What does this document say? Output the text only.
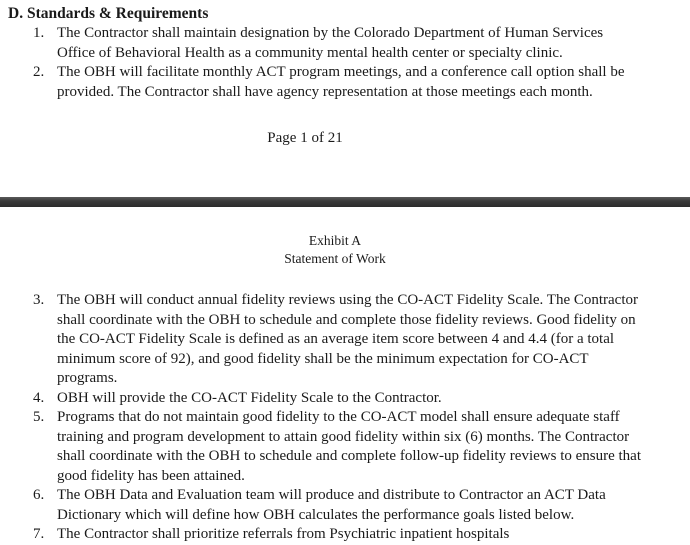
D. Standards & Requirements
1. The Contractor shall maintain designation by the Colorado Department of Human Services
Office of Behavioral Health as a community mental health center or specialty clinic.
2. The OBH will facilitate monthly ACT program meetings, and a conference call option shall be
provided. The Contractor shall have agency representation at those meetings each month.
Page 1 of 21
Exhibit A
Statement of Work
3. The OBH will conduct annual fidelity reviews using the CO-ACT Fidelity Scale. The Contractor
shall coordinate with the OBH to schedule and complete those fidelity reviews. Good fidelity on
the CO-ACT Fidelity Scale is defined as an average item score between 4 and 4.4 (for a total
minimum score of 92), and good fidelity shall be the minimum expectation for CO-ACT
programs.
4. OBH will provide the CO-ACT Fidelity Scale to the Contractor.
5. Programs that do not maintain good fidelity to the CO-ACT model shall ensure adequate staff
training and program development to attain good fidelity within six (6) months. The Contractor
shall coordinate with the OBH to schedule and complete follow-up fidelity reviews to ensure that
good fidelity has been attained.
6. The OBH Data and Evaluation team will produce and distribute to Contractor an ACT Data
Dictionary which will define how OBH calculates the performance goals listed below.
7. The Contractor shall prioritize referrals from Psychiatric inpatient hospitals
